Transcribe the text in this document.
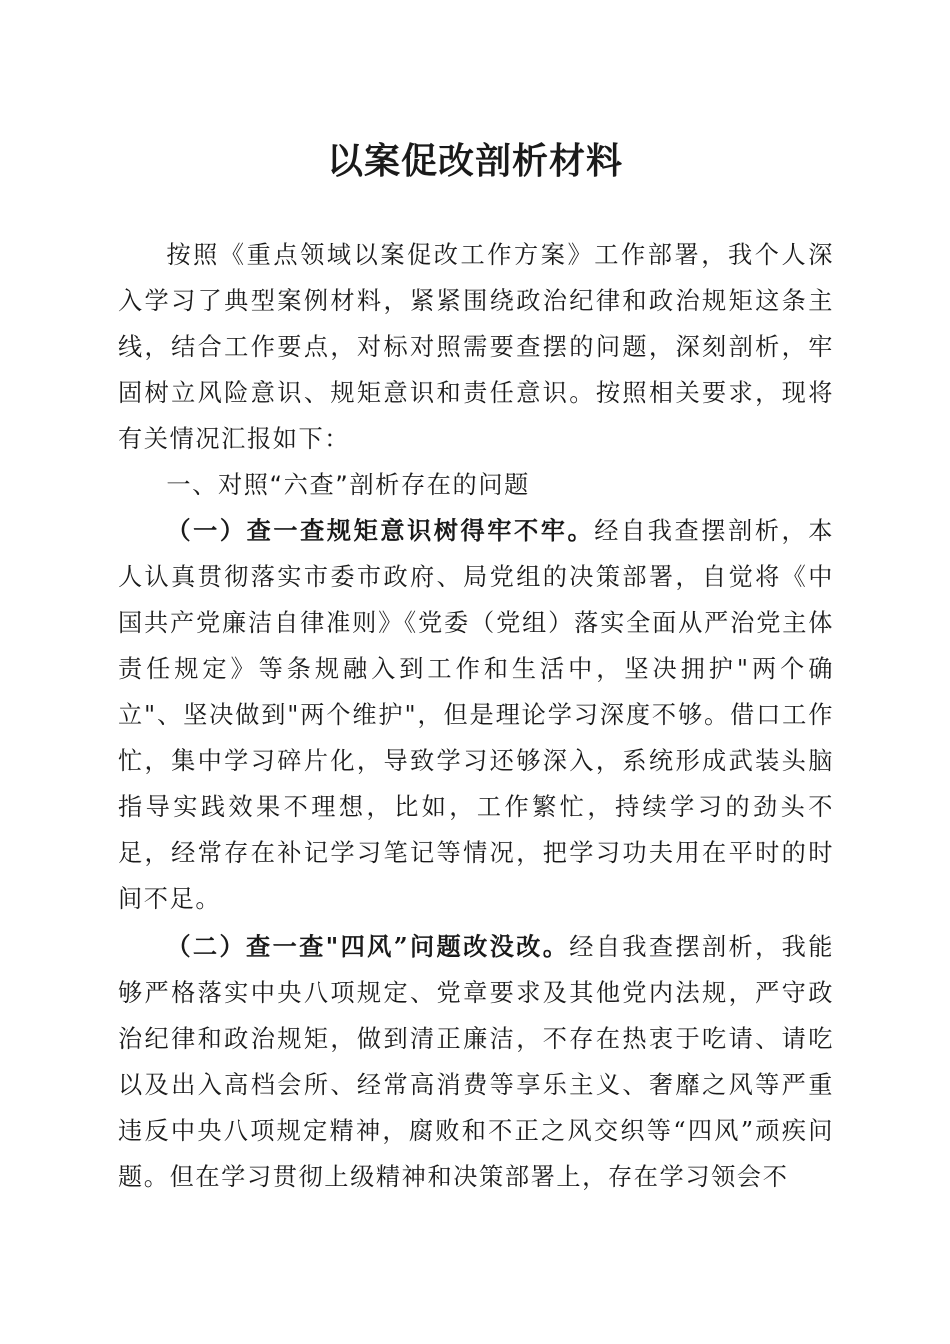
以案促改剖析材料

按照《重点领域以案促改工作方案》工作部署，我个人深入学习了典型案例材料，紧紧围绕政治纪律和政治规矩这条主线，结合工作要点，对标对照需要查摆的问题，深刻剖析，牢固树立风险意识、规矩意识和责任意识。按照相关要求，现将有关情况汇报如下：

一、对照“六查”剖析存在的问题

（一）查一查规矩意识树得牢不牢。经自我查摆剖析，本人认真贯彻落实市委市政府、局党组的决策部署，自觉将《中国共产党廉洁自律准则》《党委（党组）落实全面从严治党主体责任规定》等条规融入到工作和生活中，坚决拥护"两个确立"、坚决做到"两个维护"，但是理论学习深度不够。借口工作忙，集中学习碎片化，导致学习还够深入，系统形成武装头脑指导实践效果不理想，比如，工作繁忙，持续学习的劲头不足，经常存在补记学习笔记等情况，把学习功夫用在平时的时间不足。

（二）查一查"四风”问题改没改。经自我查摆剖析，我能够严格落实中央八项规定、党章要求及其他党内法规，严守政治纪律和政治规矩，做到清正廉洁，不存在热衷于吃请、请吃以及出入高档会所、经常高消费等享乐主义、奢靡之风等严重违反中央八项规定精神，腐败和不正之风交织等“四风”顽疾问题。但在学习贯彻上级精神和决策部署上，存在学习领会不
